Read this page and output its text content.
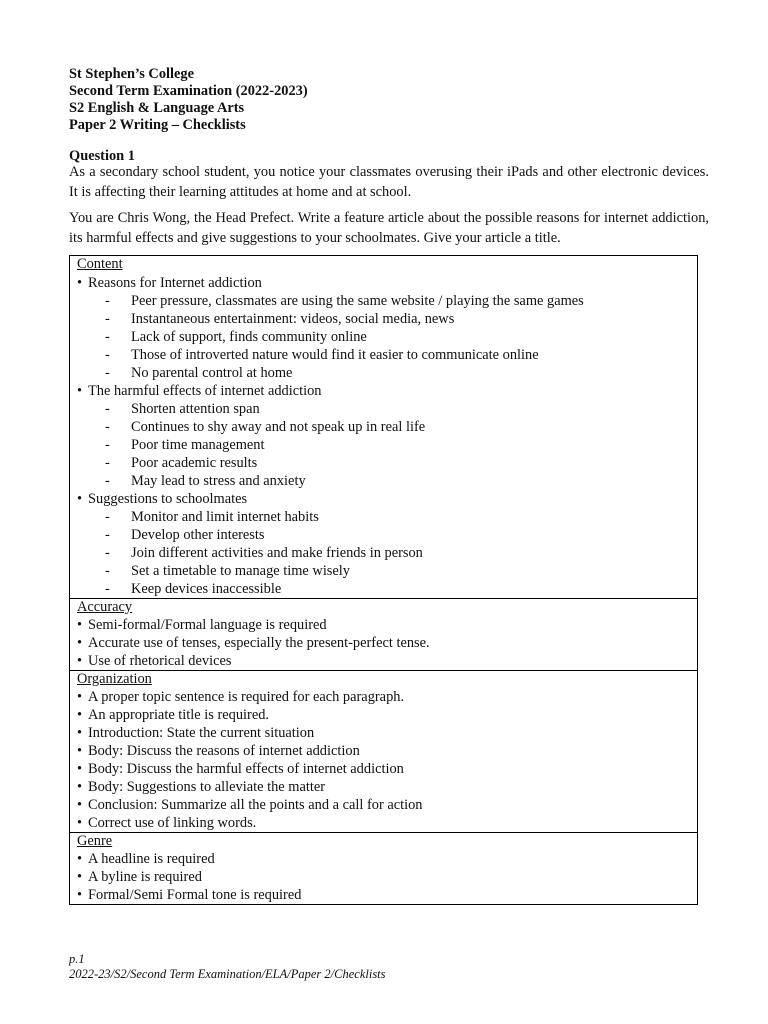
St Stephen’s College
Second Term Examination (2022-2023)
S2 English & Language Arts
Paper 2 Writing – Checklists
Question 1
As a secondary school student, you notice your classmates overusing their iPads and other electronic devices. It is affecting their learning attitudes at home and at school.
You are Chris Wong, the Head Prefect. Write a feature article about the possible reasons for internet addiction, its harmful effects and give suggestions to your schoolmates. Give your article a title.
Content
• Reasons for Internet addiction
- Peer pressure, classmates are using the same website / playing the same games
- Instantaneous entertainment: videos, social media, news
- Lack of support, finds community online
- Those of introverted nature would find it easier to communicate online
- No parental control at home
• The harmful effects of internet addiction
- Shorten attention span
- Continues to shy away and not speak up in real life
- Poor time management
- Poor academic results
- May lead to stress and anxiety
• Suggestions to schoolmates
- Monitor and limit internet habits
- Develop other interests
- Join different activities and make friends in person
- Set a timetable to manage time wisely
- Keep devices inaccessible
Accuracy
• Semi-formal/Formal language is required
• Accurate use of tenses, especially the present-perfect tense.
• Use of rhetorical devices
Organization
• A proper topic sentence is required for each paragraph.
• An appropriate title is required.
• Introduction: State the current situation
• Body: Discuss the reasons of internet addiction
• Body: Discuss the harmful effects of internet addiction
• Body: Suggestions to alleviate the matter
• Conclusion: Summarize all the points and a call for action
• Correct use of linking words.
Genre
• A headline is required
• A byline is required
• Formal/Semi Formal tone is required
p.1
2022-23/S2/Second Term Examination/ELA/Paper 2/Checklists
